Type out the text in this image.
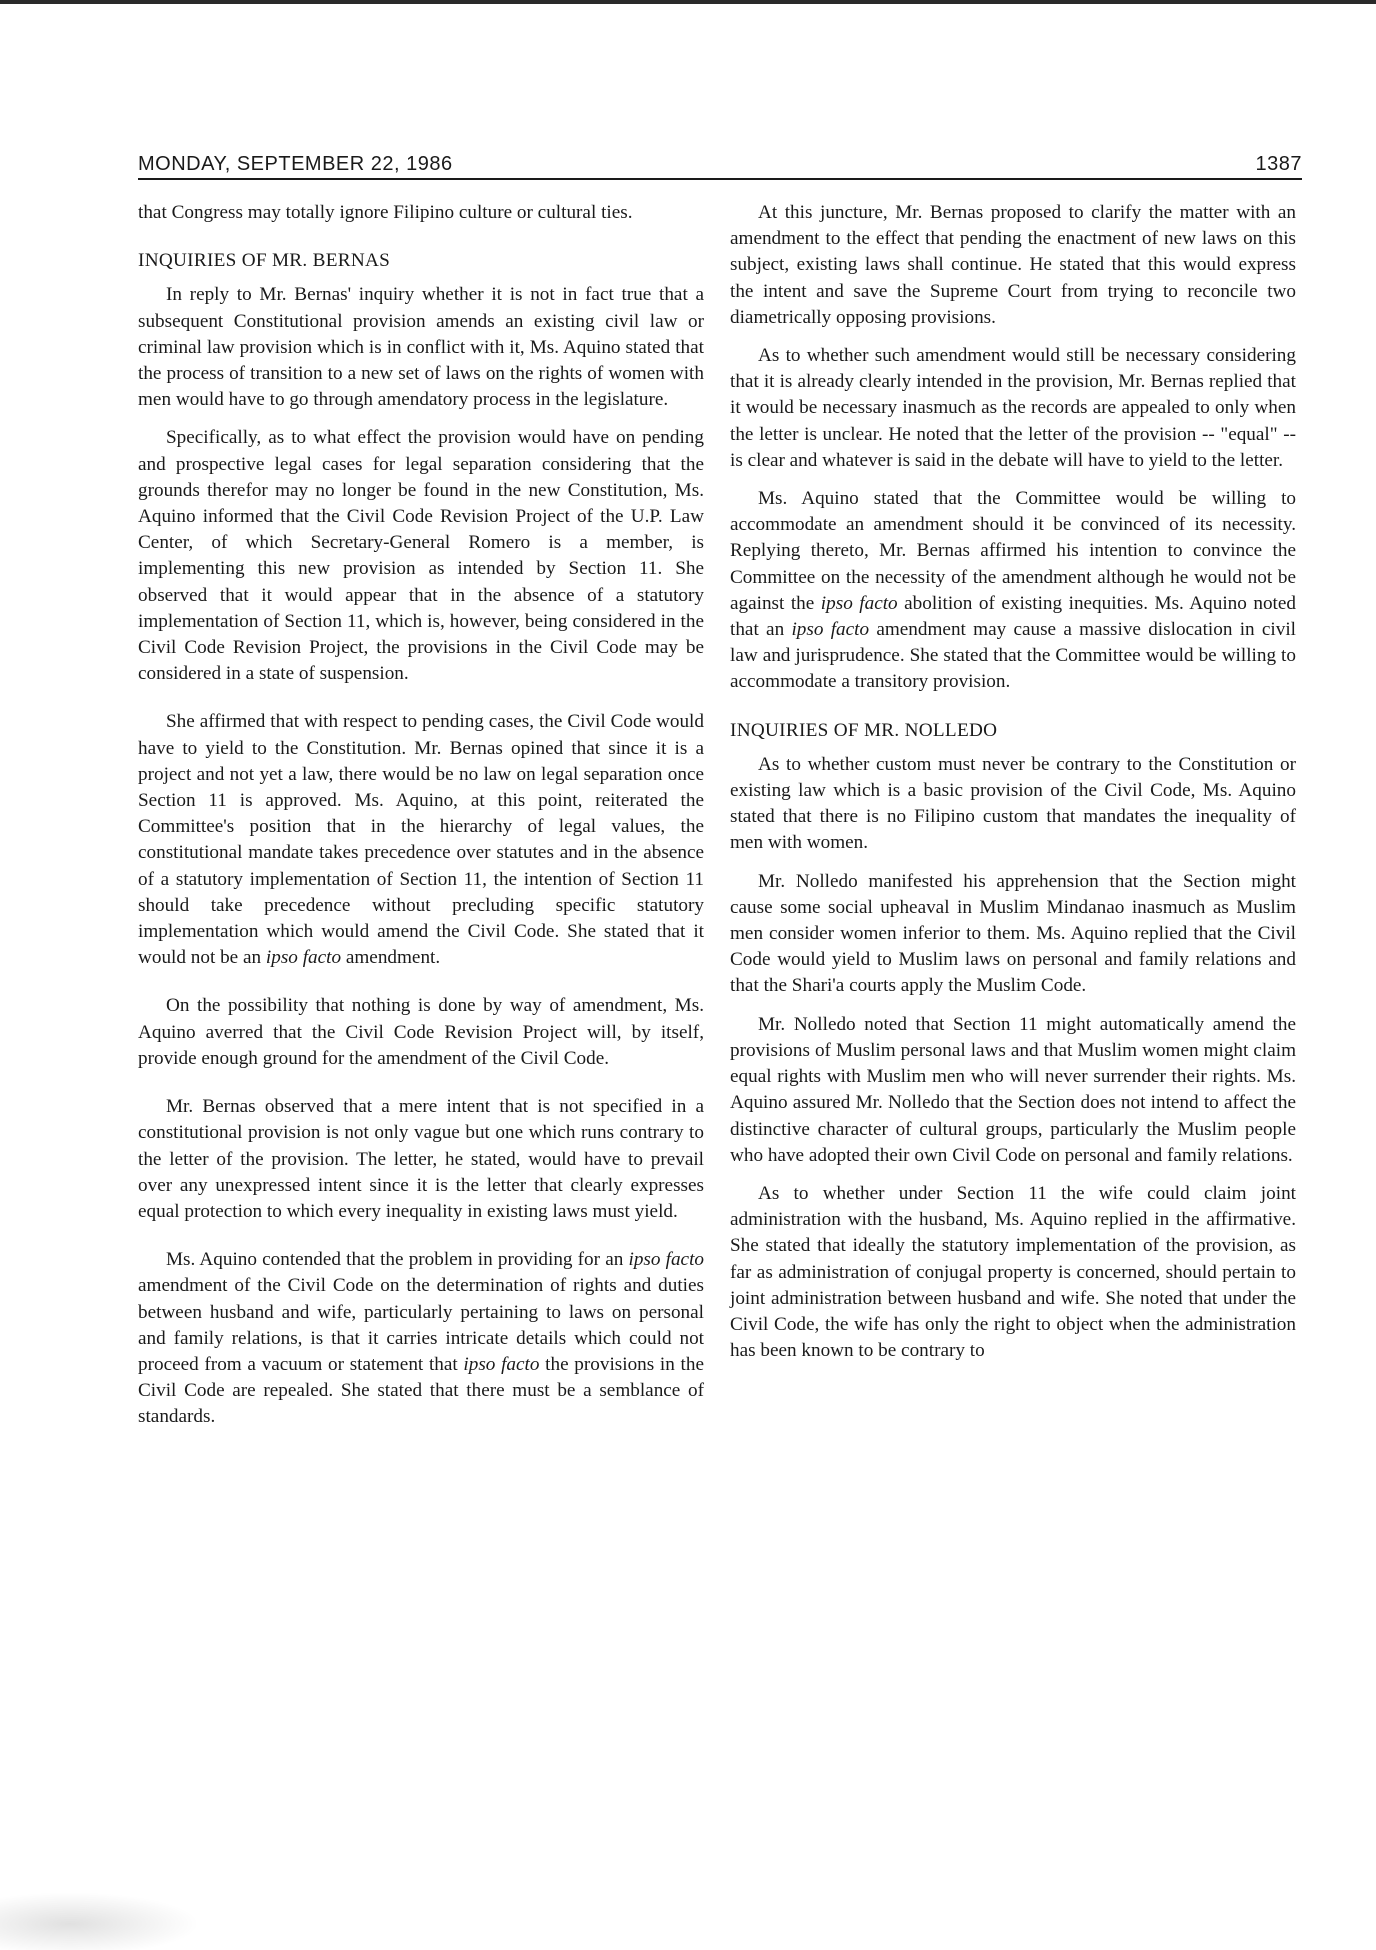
MONDAY, SEPTEMBER 22, 1986	1387

that Congress may totally ignore Filipino culture or cultural ties.

INQUIRIES OF MR. BERNAS

In reply to Mr. Bernas' inquiry whether it is not in fact true that a subsequent Constitutional provision amends an existing civil law or criminal law provision which is in conflict with it, Ms. Aquino stated that the process of transition to a new set of laws on the rights of women with men would have to go through amendatory process in the legislature.

Specifically, as to what effect the provision would have on pending and prospective legal cases for legal separation considering that the grounds therefor may no longer be found in the new Constitution, Ms. Aquino informed that the Civil Code Revision Project of the U.P. Law Center, of which Secretary-General Romero is a member, is implementing this new provision as intended by Section 11. She observed that it would appear that in the absence of a statutory implementation of Section 11, which is, however, being considered in the Civil Code Revision Project, the provisions in the Civil Code may be considered in a state of suspension.

She affirmed that with respect to pending cases, the Civil Code would have to yield to the Constitution. Mr. Bernas opined that since it is a project and not yet a law, there would be no law on legal separation once Section 11 is approved. Ms. Aquino, at this point, reiterated the Committee's position that in the hierarchy of legal values, the constitutional mandate takes precedence over statutes and in the absence of a statutory implementation of Section 11, the intention of Section 11 should take precedence without precluding specific statutory implementation which would amend the Civil Code. She stated that it would not be an ipso facto amendment.

On the possibility that nothing is done by way of amendment, Ms. Aquino averred that the Civil Code Revision Project will, by itself, provide enough ground for the amendment of the Civil Code.

Mr. Bernas observed that a mere intent that is not specified in a constitutional provision is not only vague but one which runs contrary to the letter of the provision. The letter, he stated, would have to prevail over any unexpressed intent since it is the letter that clearly expresses equal protection to which every inequality in existing laws must yield.

Ms. Aquino contended that the problem in providing for an ipso facto amendment of the Civil Code on the determination of rights and duties between husband and wife, particularly pertaining to laws on personal and family relations, is that it carries intricate details which could not proceed from a vacuum or statement that ipso facto the provisions in the Civil Code are repealed. She stated that there must be a semblance of standards.

At this juncture, Mr. Bernas proposed to clarify the matter with an amendment to the effect that pending the enactment of new laws on this subject, existing laws shall continue. He stated that this would express the intent and save the Supreme Court from trying to reconcile two diametrically opposing provisions.

As to whether such amendment would still be necessary considering that it is already clearly intended in the provision, Mr. Bernas replied that it would be necessary inasmuch as the records are appealed to only when the letter is unclear. He noted that the letter of the provision -- "equal" -- is clear and whatever is said in the debate will have to yield to the letter.

Ms. Aquino stated that the Committee would be willing to accommodate an amendment should it be convinced of its necessity. Replying thereto, Mr. Bernas affirmed his intention to convince the Committee on the necessity of the amendment although he would not be against the ipso facto abolition of existing inequities. Ms. Aquino noted that an ipso facto amendment may cause a massive dislocation in civil law and jurisprudence. She stated that the Committee would be willing to accommodate a transitory provision.

INQUIRIES OF MR. NOLLEDO

As to whether custom must never be contrary to the Constitution or existing law which is a basic provision of the Civil Code, Ms. Aquino stated that there is no Filipino custom that mandates the inequality of men with women.

Mr. Nolledo manifested his apprehension that the Section might cause some social upheaval in Muslim Mindanao inasmuch as Muslim men consider women inferior to them. Ms. Aquino replied that the Civil Code would yield to Muslim laws on personal and family relations and that the Shari'a courts apply the Muslim Code.

Mr. Nolledo noted that Section 11 might automatically amend the provisions of Muslim personal laws and that Muslim women might claim equal rights with Muslim men who will never surrender their rights. Ms. Aquino assured Mr. Nolledo that the Section does not intend to affect the distinctive character of cultural groups, particularly the Muslim people who have adopted their own Civil Code on personal and family relations.

As to whether under Section 11 the wife could claim joint administration with the husband, Ms. Aquino replied in the affirmative. She stated that ideally the statutory implementation of the provision, as far as administration of conjugal property is concerned, should pertain to joint administration between husband and wife. She noted that under the Civil Code, the wife has only the right to object when the administration has been known to be contrary to
